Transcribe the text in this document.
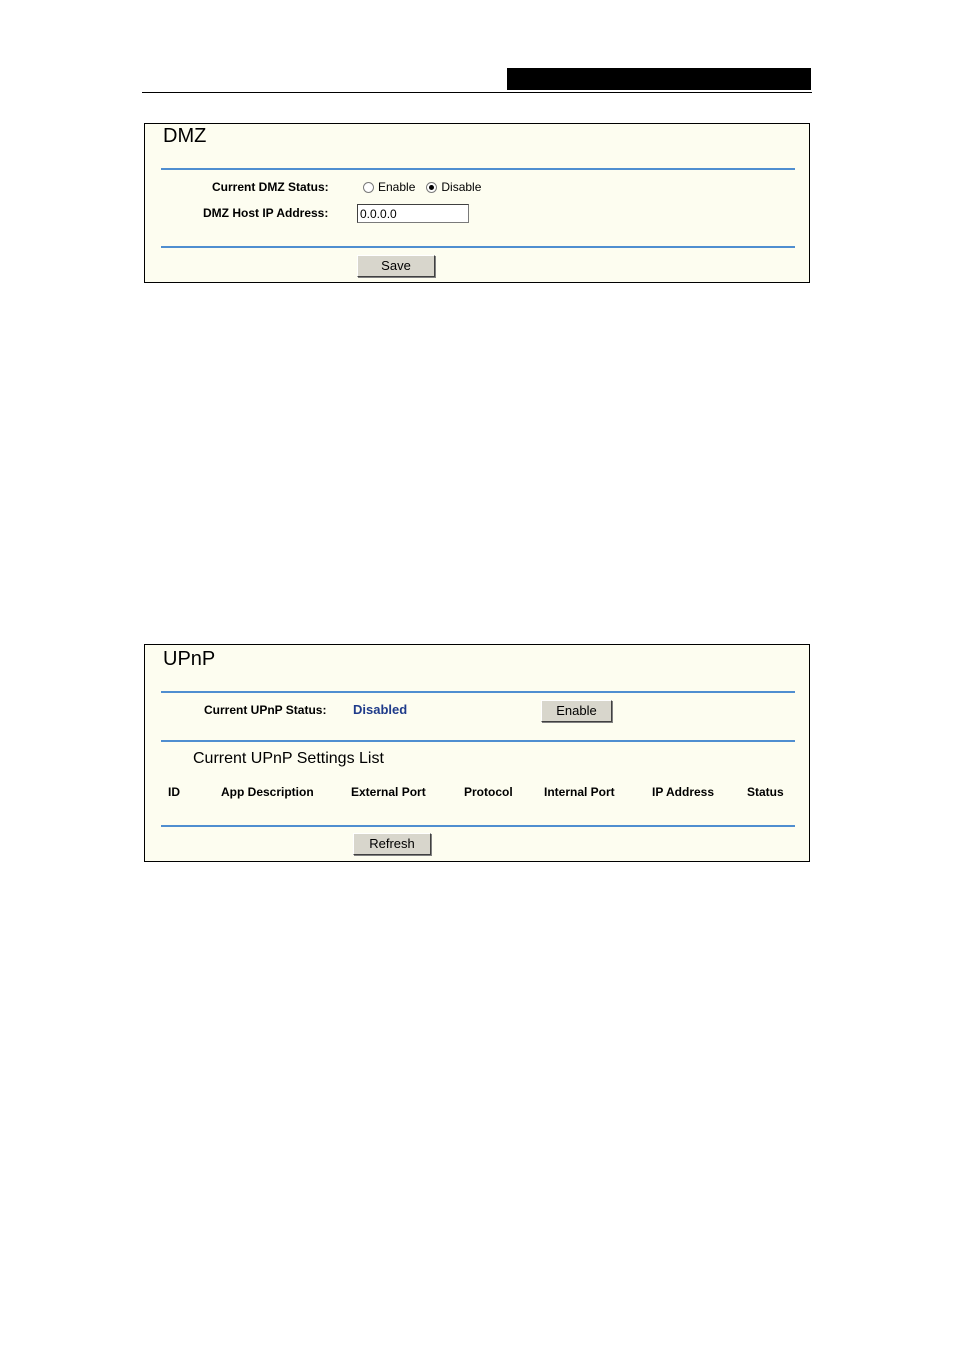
DMZ
Current DMZ Status:	Enable Disable
DMZ Host IP Address:
0.0.0.0
Save
UPnP
Current UPnP Status: Disabled	Enable
Current UPnP Settings List
ID	App Description	External Port	Protocol	Internal Port	IP Address	Status
Refresh
